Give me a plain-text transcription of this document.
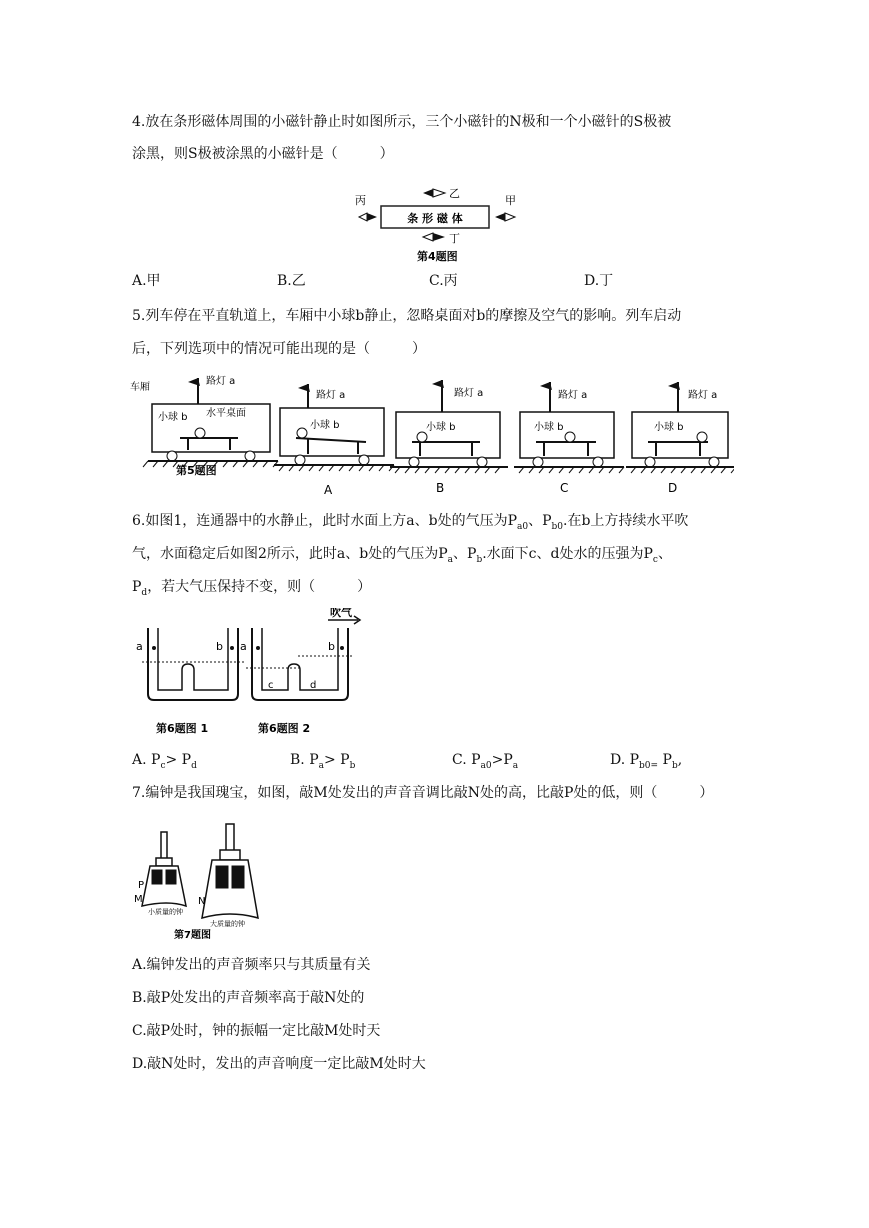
4.放在条形磁体周围的小磁针静止时如图所示，三个小磁针的N极和一个小磁针的S极被
涂黑，则S极被涂黑的小磁针是（　　　）
条 形 磁 体
乙
丁
丙	甲
第4题图
A.甲	B.乙	C.丙	D.丁
5.列车停在平直轨道上，车厢中小球b静止，忽略桌面对b的摩擦及空气的影响。列车启动
后，下列选项中的情况可能出现的是（　　　）
车厢
路灯 a
小球 b 水平桌面
第5题图
路灯 a
小球 b
A
路灯 a
小球 b
B
路灯 a
小球 b
C
路灯 a
小球 b
D
6.如图1，连通器中的水静止，此时水面上方a、b处的气压为$P_{a0}$、$P_{b0}$.在b上方持续水平吹
气，水面稳定后如图2所示，此时a、b处的气压为$P_a$、$P_b$.水面下c、d处水的压强为$P_c$、
$P_d$，若大气压保持不变，则（　　　）
a	b
第6题图 1
吹气
a	b
c	d
第6题图 2
A. $P_c> P_d$	B. $P_a> P_b$	C. $P_{a0}>P_a$	D. $P_{b0=}$ $P_b$,
7.编钟是我国瑰宝，如图，敲M处发出的声音音调比敲N处的高，比敲P处的低，则（　　　）
P
M
小质量的钟
N
大质量的钟
第7题图
A.编钟发出的声音频率只与其质量有关
B.敲P处发出的声音频率高于敲N处的
C.敲P处时，钟的振幅一定比敲M处时天
D.敲N处时，发出的声音响度一定比敲M处时大
